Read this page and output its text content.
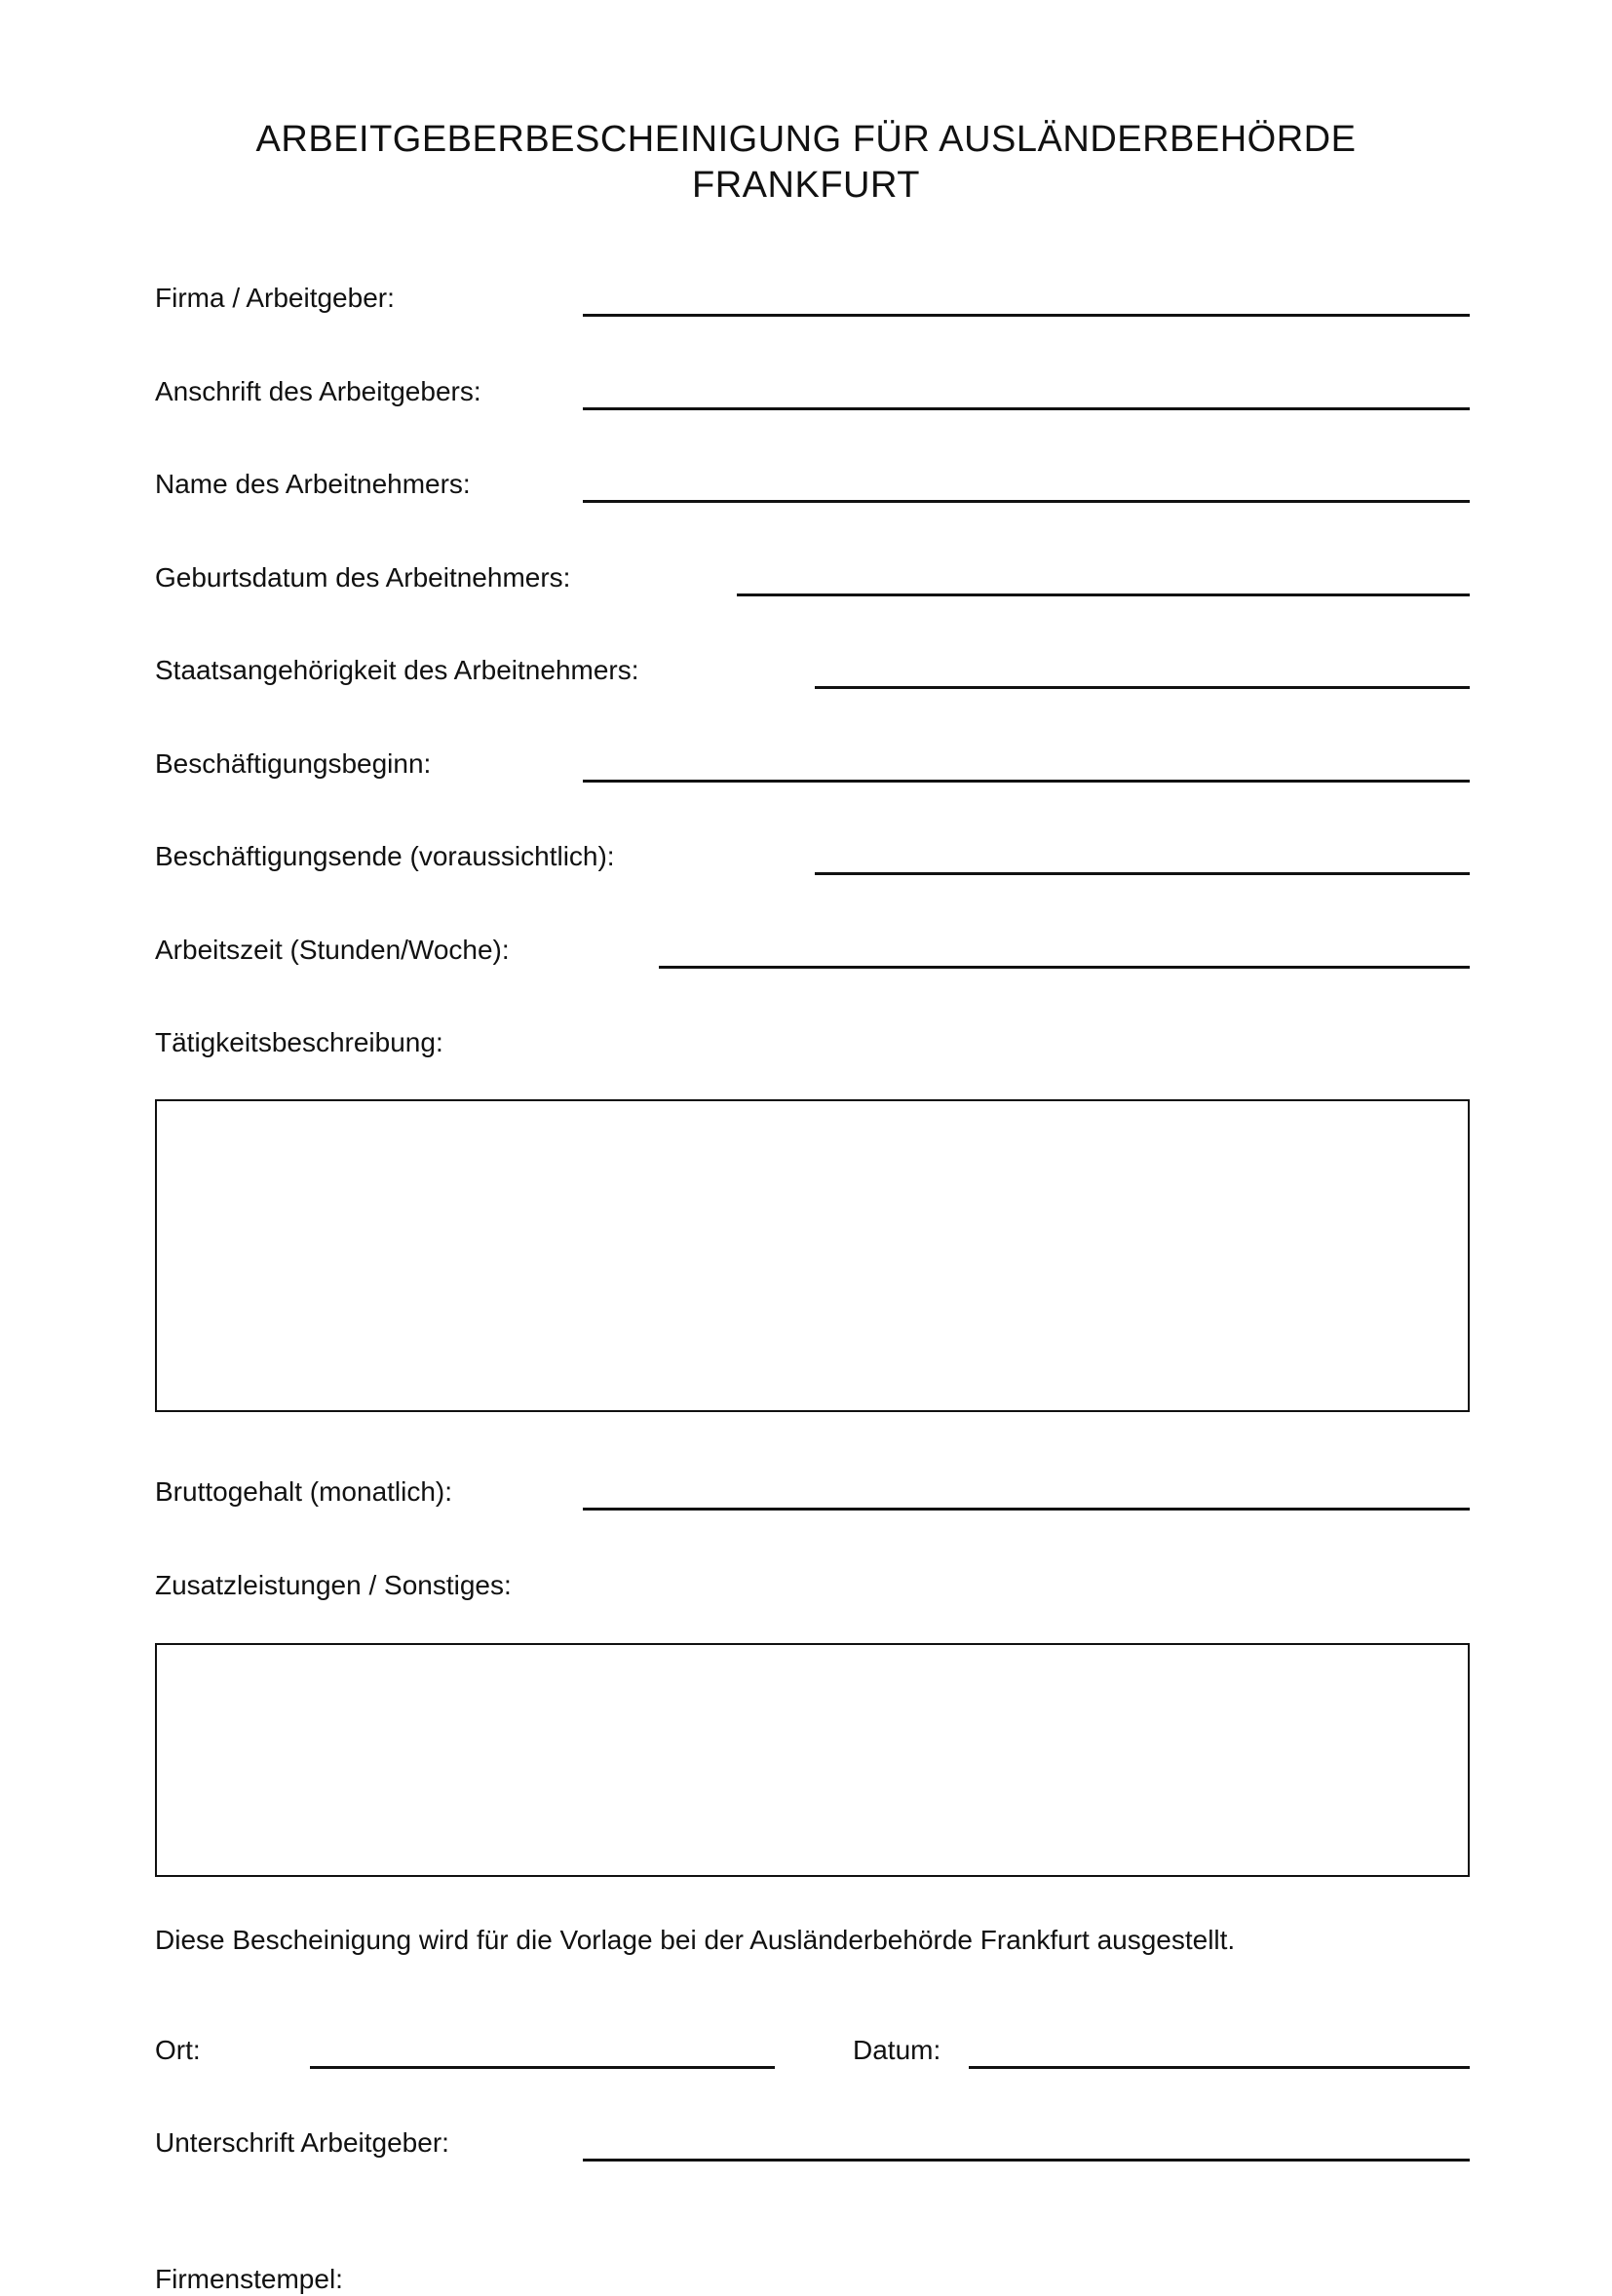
ARBEITGEBERBESCHEINIGUNG FÜR AUSLÄNDERBEHÖRDE
FRANKFURT
Firma / Arbeitgeber:
Anschrift des Arbeitgebers:
Name des Arbeitnehmers:
Geburtsdatum des Arbeitnehmers:
Staatsangehörigkeit des Arbeitnehmers:
Beschäftigungsbeginn:
Beschäftigungsende (voraussichtlich):
Arbeitszeit (Stunden/Woche):
Tätigkeitsbeschreibung:
Bruttogehalt (monatlich):
Zusatzleistungen / Sonstiges:
Diese Bescheinigung wird für die Vorlage bei der Ausländerbehörde Frankfurt ausgestellt.
Ort:	Datum:
Unterschrift Arbeitgeber:
Firmenstempel:
